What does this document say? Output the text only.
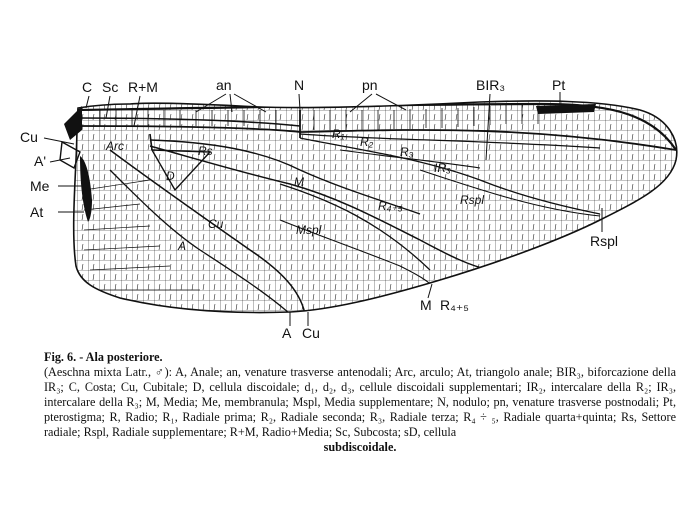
C Sc R+M	an	N	pn	BIR₃	Pt
Cu
A'
Me
At
Arc	Rs
R₁
R₂
R₃
IR₃
D	M
R₄₊₅	Rspl
Mspl
Cu
A	Rspl
M R₄₊₅
A Cu

Fig. 6. - Ala posteriore.

(Aeschna mixta Latr., ♂): A, Anale; an, venature trasverse antenodali; Arc, arculo; At, triangolo anale; BIR₃, biforcazione della IR₃; C, Costa; Cu, Cubitale; D, cellula discoidale; d₁, d₂, d₃, cellule discoidali supplementari; IR₂, intercalare della R₂; IR₃, intercalare della R₃; M, Media; Me, membranula; Mspl, Media supplementare; N, nodulo; pn, venature trasverse postnodali; Pt, pterostigma; R, Radio; R₁, Radiale prima; R₂, Radiale seconda; R₃, Radiale terza; R₄ ÷ ₅, Radiale quarta+quinta; Rs, Settore radiale; Rspl, Radiale supplementare; R+M, Radio+Media; Sc, Subcosta; sD, cellula

subdiscoidale.
